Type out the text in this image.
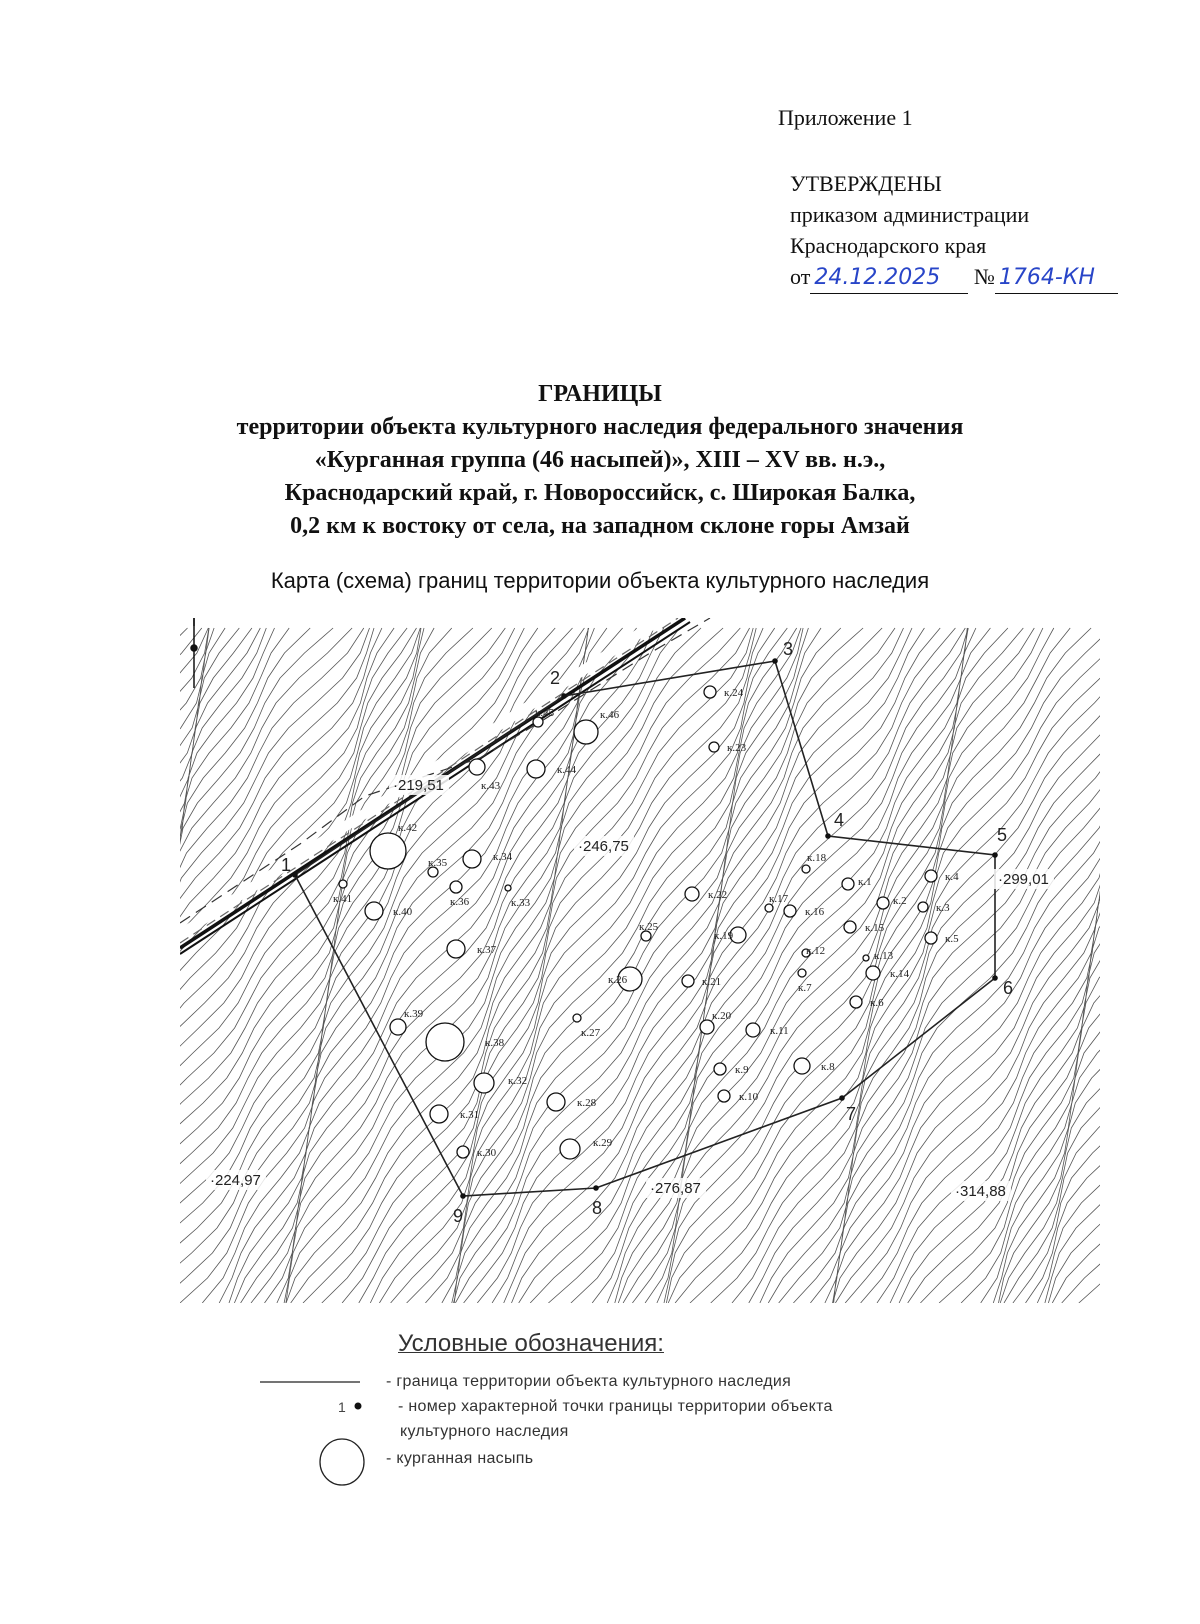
Приложение 1
УТВЕРЖДЕНЫ
приказом администрации
Краснодарского края
от 24.12.2025 № 1764-КН
ГРАНИЦЫ
территории объекта культурного наследия федерального значения
«Курганная группа (46 насыпей)», XIII – XV вв. н.э.,
Краснодарский край, г. Новороссийск, с. Широкая Балка,
0,2 км к востоку от села, на западном склоне горы Амзай
Карта (схема) границ территории объекта культурного наследия
1
2
3
4
5
6
7
8
9
к.1
к.2
к.3
к.4
к.5
к.6
к.7
к.8
к.9
к.10
к.11
к.12	к.13
к.14
к.15
к.16
к.17
к.18
к.19
к.20
к.21
к.22
к.23
к.24
к.25
к.26
к.27
к.28
к.29
к.30
к.31
к.32
к.33
к.34
к.35
к.36
к.37
к.38
к.39
к.40
к.41
к.42
к.43
к.44
к.45	к.46
·219,51
·246,75
·299,01
·224,97	·276,87	·314,88
Условные обозначения:
1
- граница территории объекта культурного наследия
- номер характерной точки границы территории объекта
культурного наследия
- курганная насыпь
